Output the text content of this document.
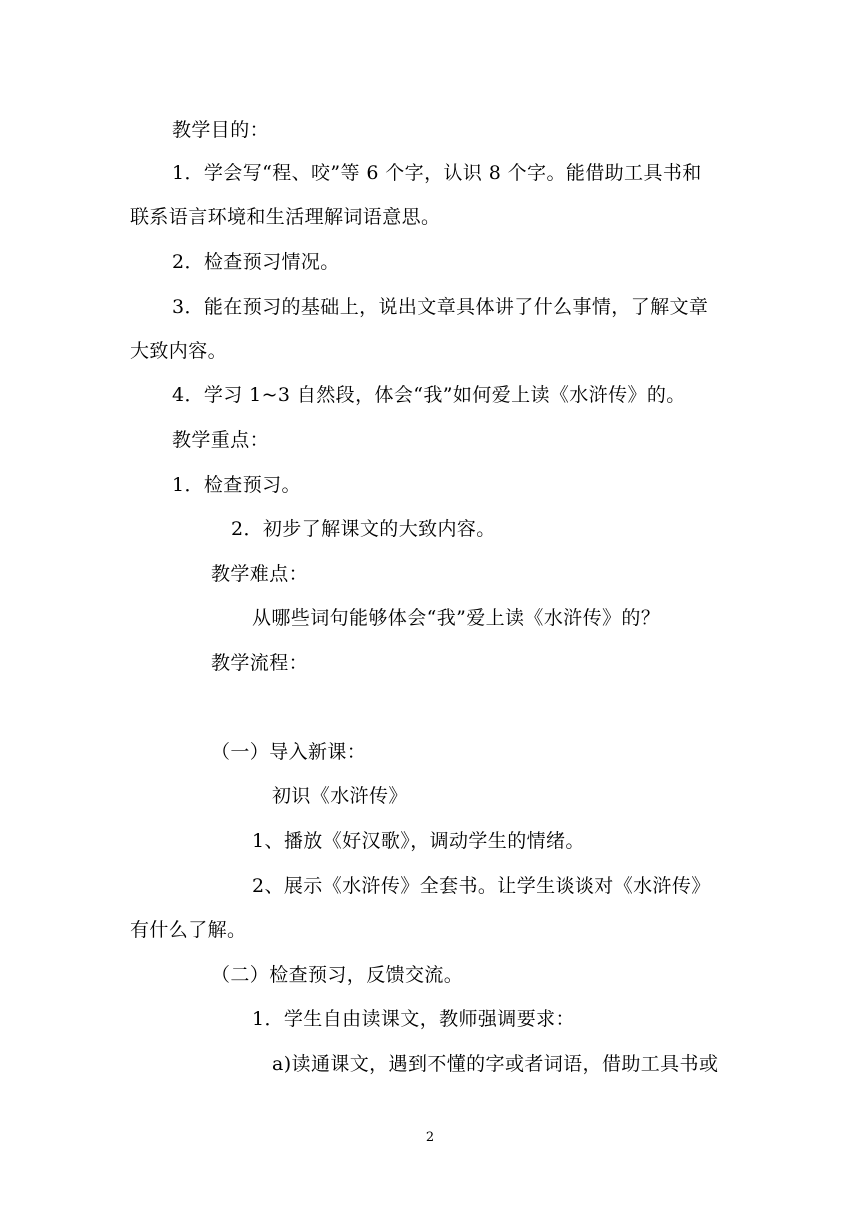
教学目的：

1．学会写“程、咬”等 6 个字，认识 8 个字。能借助工具书和

联系语言环境和生活理解词语意思。

2．检查预习情况。

3．能在预习的基础上，说出文章具体讲了什么事情，了解文章

大致内容。

4．学习 1~3 自然段，体会“我”如何爱上读《水浒传》的。

教学重点：

1．检查预习。

2．初步了解课文的大致内容。

教学难点：

从哪些词句能够体会“我”爱上读《水浒传》的？

教学流程：

（一）导入新课：

初识《水浒传》

1、播放《好汉歌》，调动学生的情绪。

2、展示《水浒传》全套书。让学生谈谈对《水浒传》

有什么了解。

（二）检查预习，反馈交流。

1．学生自由读课文，教师强调要求：

a)读通课文，遇到不懂的字或者词语，借助工具书或

2
